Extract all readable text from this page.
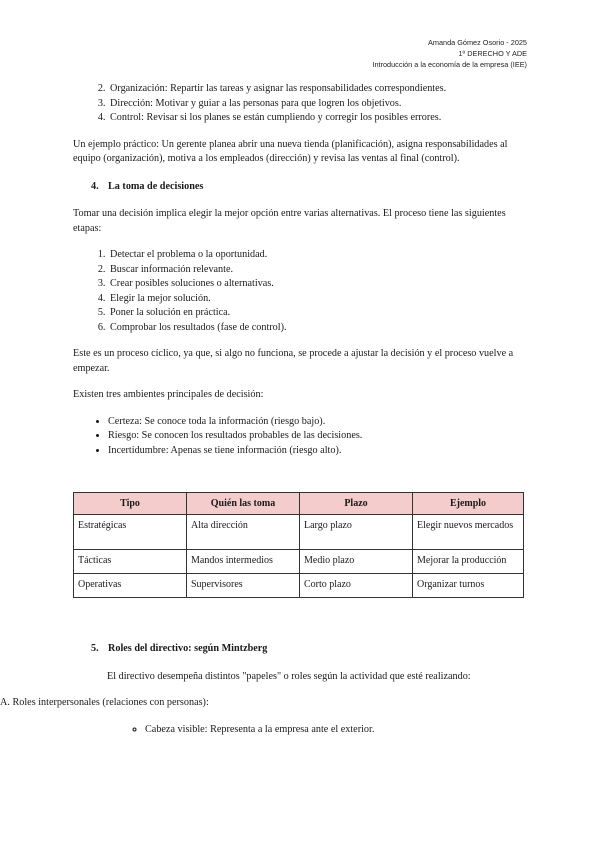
Amanda Gómez Osorio - 2025
1º DERECHO Y ADE
Introducción a la economía de la empresa (IEE)
2. Organización: Repartir las tareas y asignar las responsabilidades correspondientes.
3. Dirección: Motivar y guiar a las personas para que logren los objetivos.
4. Control: Revisar si los planes se están cumpliendo y corregir los posibles errores.

Un ejemplo práctico: Un gerente planea abrir una nueva tienda (planificación), asigna responsabilidades al equipo (organización), motiva a los empleados (dirección) y revisa las ventas al final (control).

4. La toma de decisiones

Tomar una decisión implica elegir la mejor opción entre varias alternativas. El proceso tiene las siguientes etapas:

1. Detectar el problema o la oportunidad.
2. Buscar información relevante.
3. Crear posibles soluciones o alternativas.
4. Elegir la mejor solución.
5. Poner la solución en práctica.
6. Comprobar los resultados (fase de control).

Este es un proceso cíclico, ya que, si algo no funciona, se procede a ajustar la decisión y el proceso vuelve a empezar.

Existen tres ambientes principales de decisión:

• Certeza: Se conoce toda la información (riesgo bajo).
• Riesgo: Se conocen los resultados probables de las decisiones.
• Incertidumbre: Apenas se tiene información (riesgo alto).
Tipo	Quién las toma	Plazo	Ejemplo
Estratégicas	Alta dirección	Largo plazo	Elegir nuevos mercados
Tácticas	Mandos intermedios	Medio plazo	Mejorar la producción
Operativas	Supervisores	Corto plazo	Organizar turnos

5. Roles del directivo: según Mintzberg

El directivo desempeña distintos "papeles" o roles según la actividad que esté realizando:

A. Roles interpersonales (relaciones con personas):

◦ Cabeza visible: Representa a la empresa ante el exterior.
